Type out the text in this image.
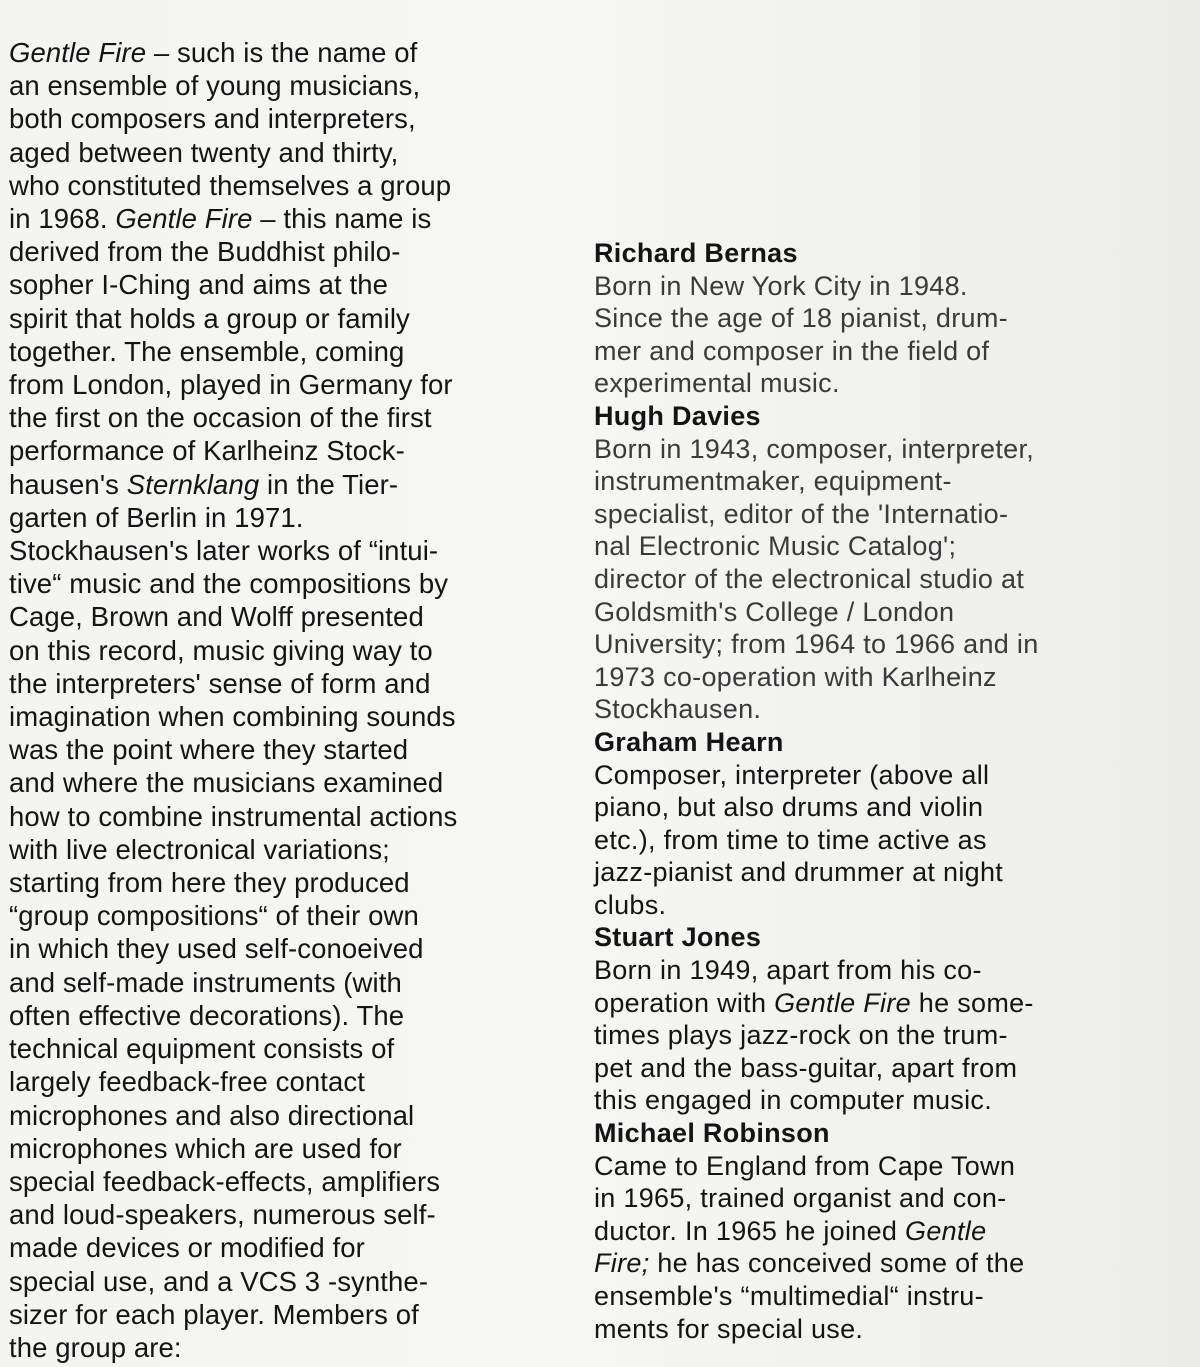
Gentle Fire – such is the name of
an ensemble of young musicians,
both composers and interpreters,
aged between twenty and thirty,
who constituted themselves a group
in 1968. Gentle Fire – this name is
derived from the Buddhist philo-
sopher I-Ching and aims at the
spirit that holds a group or family
together. The ensemble, coming
from London, played in Germany for
the first on the occasion of the first
performance of Karlheinz Stock-
hausen's Sternklang in the Tier-
garten of Berlin in 1971.
Stockhausen's later works of “intui-
tive“ music and the compositions by
Cage, Brown and Wolff presented
on this record, music giving way to
the interpreters' sense of form and
imagination when combining sounds
was the point where they started
and where the musicians examined
how to combine instrumental actions
with live electronical variations;
starting from here they produced
“group compositions“ of their own
in which they used self-conoeived
and self-made instruments (with
often effective decorations). The
technical equipment consists of
largely feedback-free contact
microphones and also directional
microphones which are used for
special feedback-effects, amplifiers
and loud-speakers, numerous self-
made devices or modified for
special use, and a VCS 3 -synthe-
sizer for each player. Members of
the group are:
Richard Bernas
Born in New York City in 1948.
Since the age of 18 pianist, drum-
mer and composer in the field of
experimental music.
Hugh Davies
Born in 1943, composer, interpreter,
instrumentmaker, equipment-
specialist, editor of the 'Internatio-
nal Electronic Music Catalog';
director of the electronical studio at
Goldsmith's College / London
University; from 1964 to 1966 and in
1973 co-operation with Karlheinz
Stockhausen.
Graham Hearn
Composer, interpreter (above all
piano, but also drums and violin
etc.), from time to time active as
jazz-pianist and drummer at night
clubs.
Stuart Jones
Born in 1949, apart from his co-
operation with Gentle Fire he some-
times plays jazz-rock on the trum-
pet and the bass-guitar, apart from
this engaged in computer music.
Michael Robinson
Came to England from Cape Town
in 1965, trained organist and con-
ductor. In 1965 he joined Gentle
Fire; he has conceived some of the
ensemble's “multimedial“ instru-
ments for special use.
